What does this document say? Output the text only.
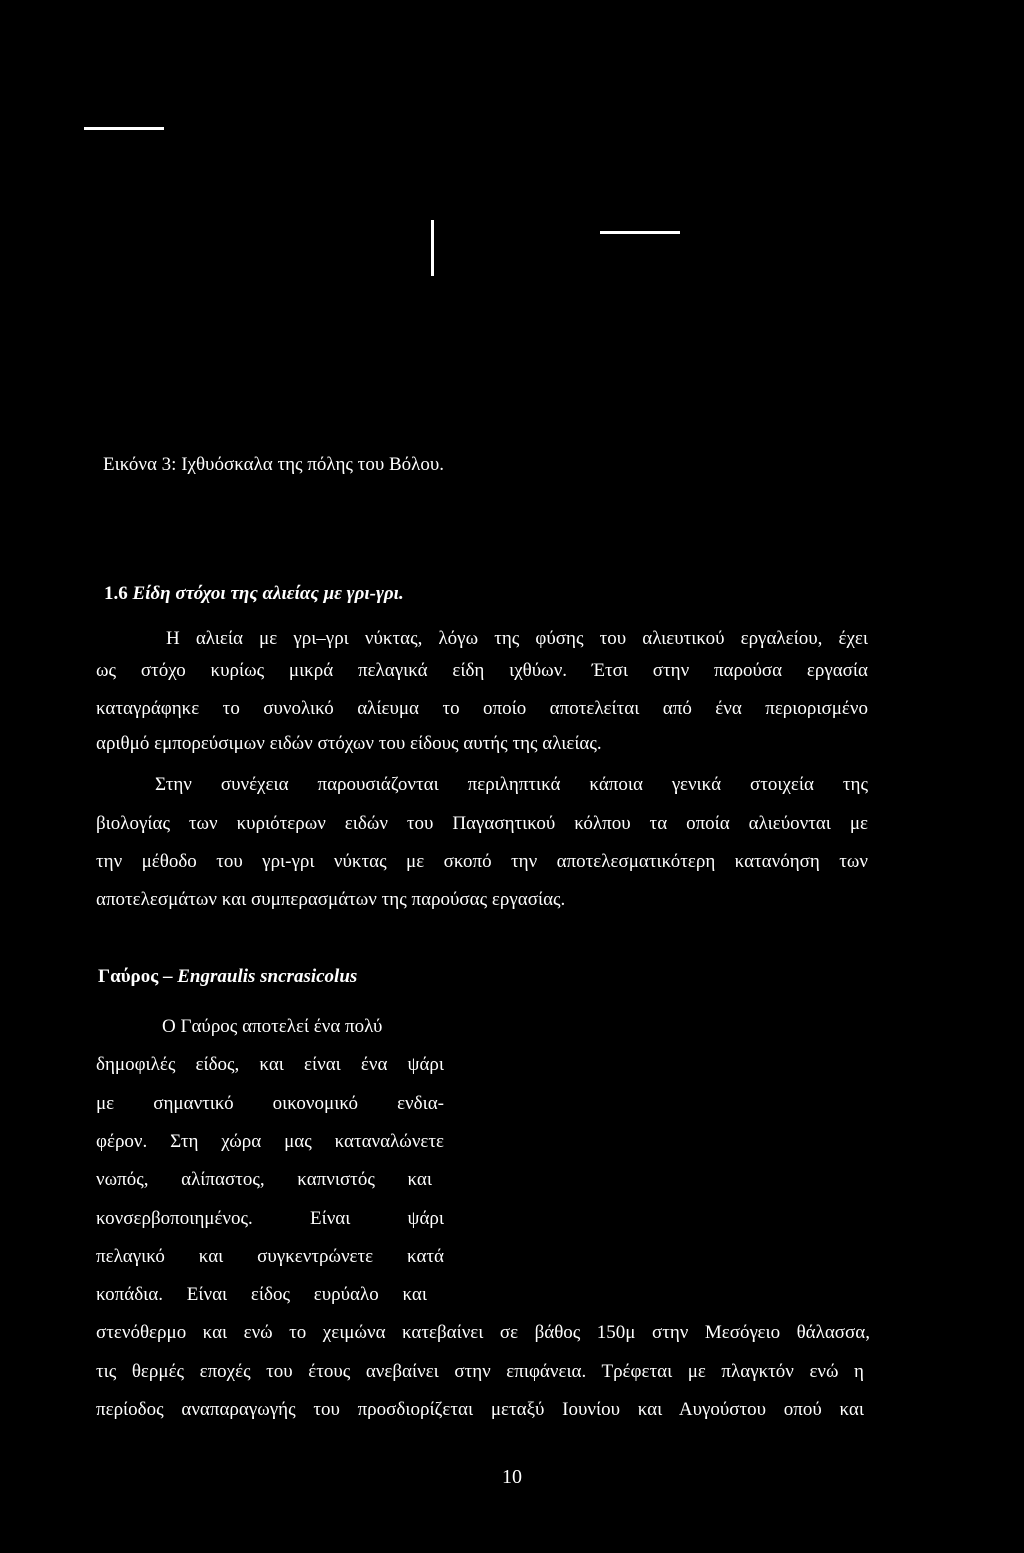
Εικόνα 3: Ιχθυόσκαλα της πόλης του Βόλου.
1.6 Είδη στόχοι της αλιείας με γρι-γρι.
Η αλιεία με γρι–γρι νύκτας, λόγω της φύσης του αλιευτικού εργαλείου, έχει
ως στόχο κυρίως μικρά πελαγικά είδη ιχθύων. Έτσι στην παρούσα εργασία
καταγράφηκε το συνολικό αλίευμα το οποίο αποτελείται από ένα περιορισμένο
αριθμό εμπορεύσιμων ειδών στόχων του είδους αυτής της αλιείας.
Στην συνέχεια παρουσιάζονται περιληπτικά κάποια γενικά στοιχεία της
βιολογίας των κυριότερων ειδών του Παγασητικού κόλπου τα οποία αλιεύονται με
την μέθοδο του γρι-γρι νύκτας με σκοπό την αποτελεσματικότερη κατανόηση των
αποτελεσμάτων και συμπερασμάτων της παρούσας εργασίας.
Γαύρος – Engraulis sncrasicolus
Ο Γαύρος αποτελεί ένα πολύ
δημοφιλές είδος, και είναι ένα ψάρι
με σημαντικό οικονομικό ενδια-
φέρον. Στη χώρα μας καταναλώνετε
νωπός, αλίπαστος, καπνιστός και
κονσερβοποιημένος. Είναι ψάρι
πελαγικό και συγκεντρώνετε κατά
κοπάδια. Είναι είδος ευρύαλο και
στενόθερμο και ενώ το χειμώνα κατεβαίνει σε βάθος 150μ στην Μεσόγειο θάλασσα,
τις θερμές εποχές του έτους ανεβαίνει στην επιφάνεια. Τρέφεται με πλαγκτόν ενώ η
περίοδος αναπαραγωγής του προσδιορίζεται μεταξύ Ιουνίου και Αυγούστου οπού και
10
